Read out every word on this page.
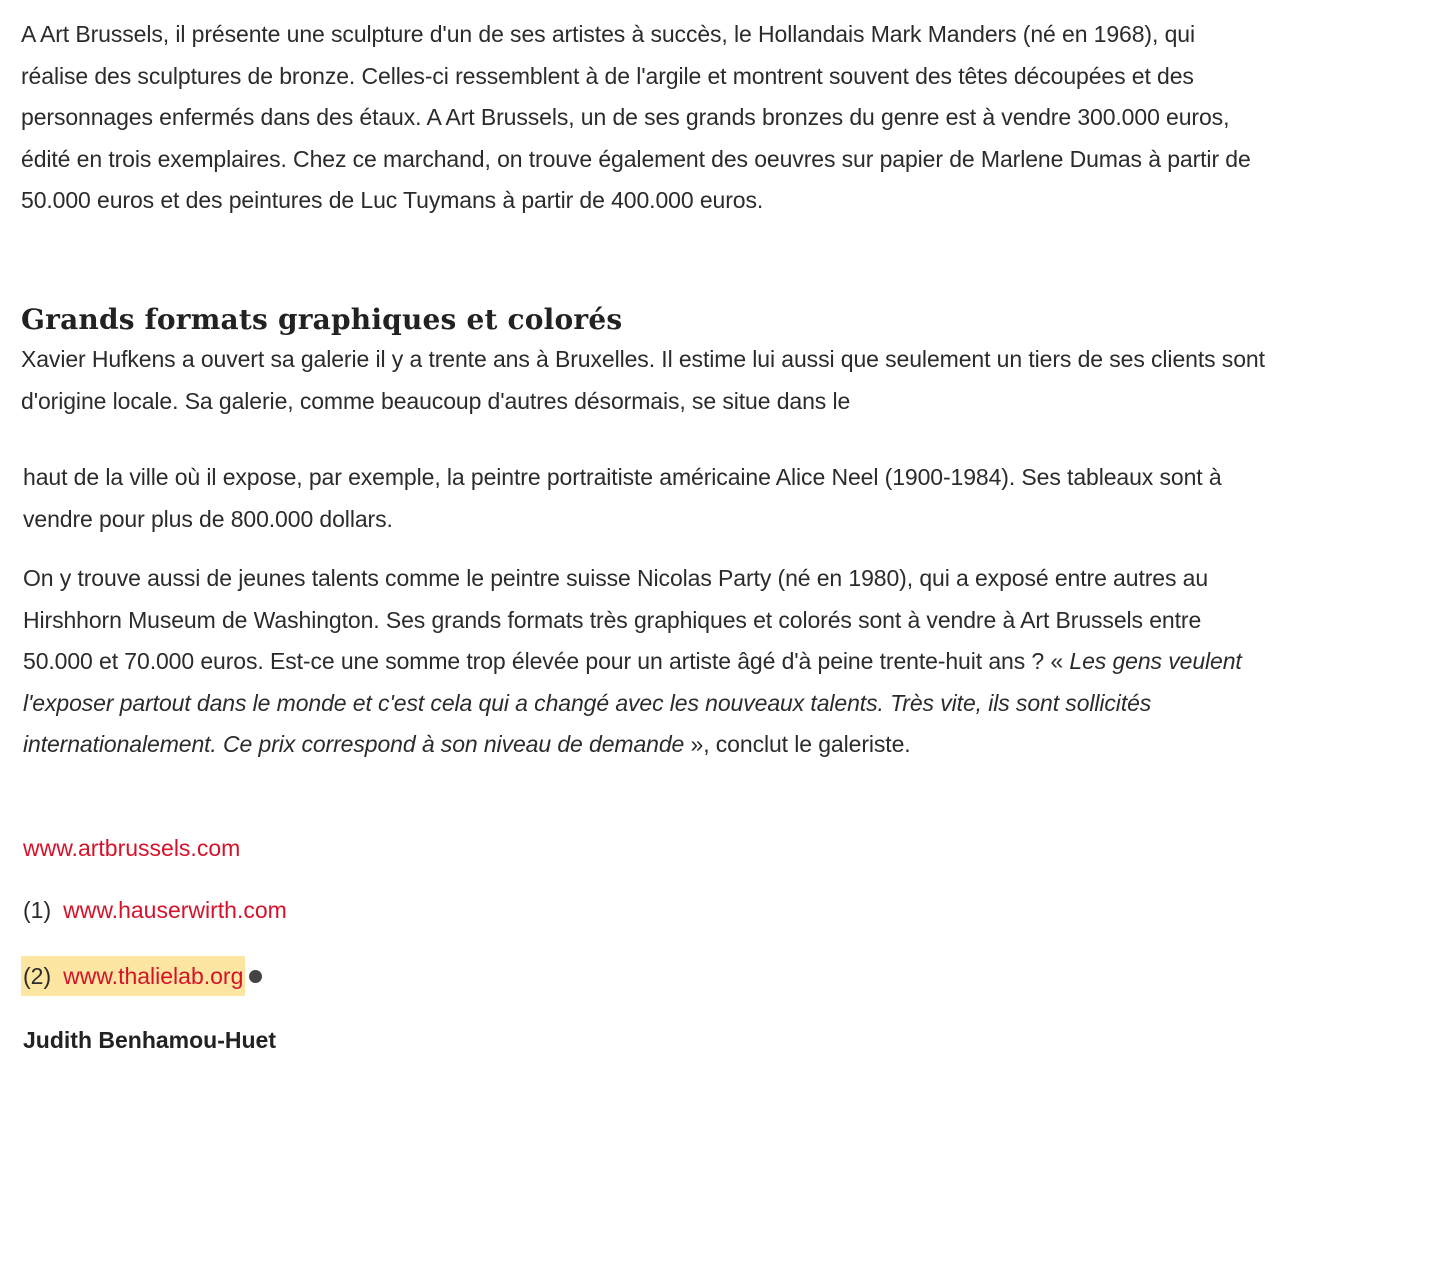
A Art Brussels, il présente une sculpture d'un de ses artistes à succès, le Hollandais Mark Manders (né en 1968), qui réalise des sculptures de bronze. Celles-ci ressemblent à de l'argile et montrent souvent des têtes découpées et des personnages enfermés dans des étaux. A Art Brussels, un de ses grands bronzes du genre est à vendre 300.000 euros, édité en trois exemplaires. Chez ce marchand, on trouve également des oeuvres sur papier de Marlene Dumas à partir de 50.000 euros et des peintures de Luc Tuymans à partir de 400.000 euros.

Grands formats graphiques et colorés

Xavier Hufkens a ouvert sa galerie il y a trente ans à Bruxelles. Il estime lui aussi que seulement un tiers de ses clients sont d'origine locale. Sa galerie, comme beaucoup d'autres désormais, se situe dans le

haut de la ville où il expose, par exemple, la peintre portraitiste américaine Alice Neel (1900-1984). Ses tableaux sont à vendre pour plus de 800.000 dollars.

On y trouve aussi de jeunes talents comme le peintre suisse Nicolas Party (né en 1980), qui a exposé entre autres au Hirshhorn Museum de Washington. Ses grands formats très graphiques et colorés sont à vendre à Art Brussels entre 50.000 et 70.000 euros. Est-ce une somme trop élevée pour un artiste âgé d'à peine trente-huit ans ? « Les gens veulent l'exposer partout dans le monde et c'est cela qui a changé avec les nouveaux talents. Très vite, ils sont sollicités internationalement. Ce prix correspond à son niveau de demande », conclut le galeriste.

www.artbrussels.com

(1) www.hauserwirth.com

(2) www.thalielab.org

Judith Benhamou-Huet
